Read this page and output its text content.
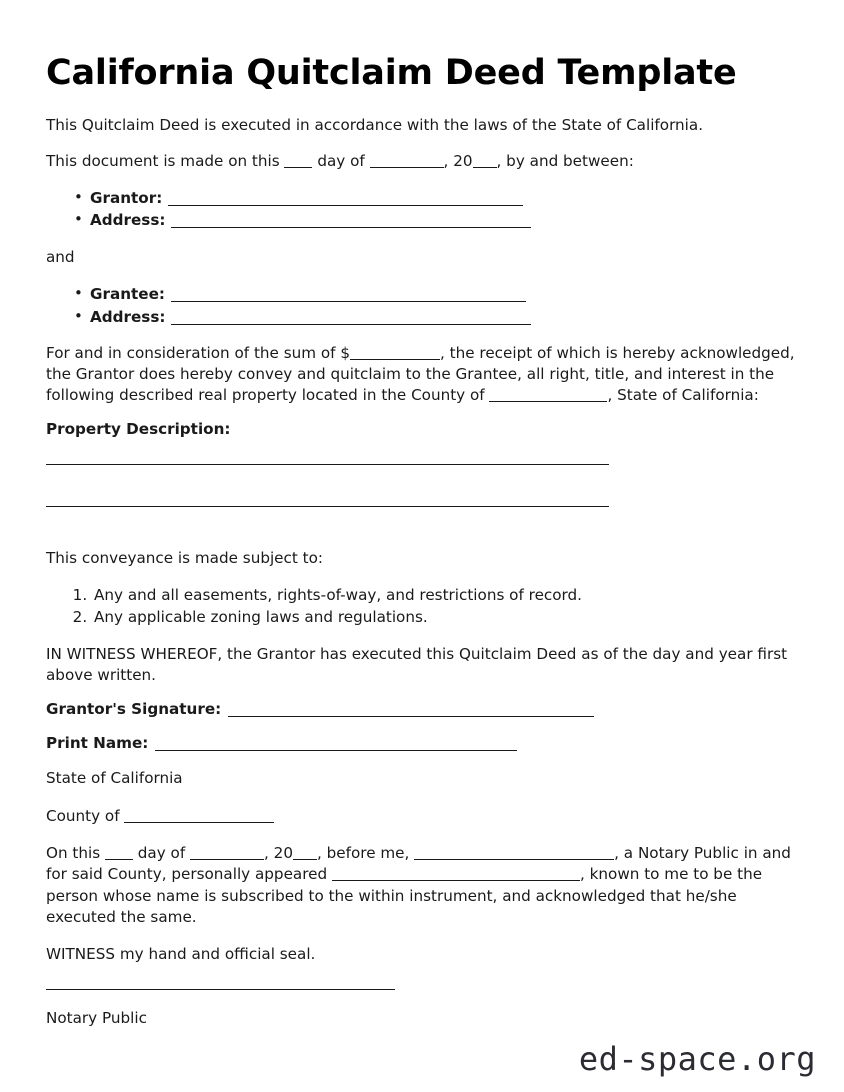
California Quitclaim Deed Template

This Quitclaim Deed is executed in accordance with the laws of the State of California.

This document is made on this day of	, 20 , by and between:

• Grantor:
• Address:

and

• Grantee:
• Address:

For and in consideration of the sum of $	, the receipt of which is hereby acknowledged, the Grantor does hereby convey and quitclaim to the Grantee, all right, title, and interest in the following described real property located in the County of	, State of California:

Property Description:

This conveyance is made subject to:

1. Any and all easements, rights-of-way, and restrictions of record.
2. Any applicable zoning laws and regulations.

IN WITNESS WHEREOF, the Grantor has executed this Quitclaim Deed as of the day and year first above written.

Grantor's Signature:

Print Name:

State of California

County of

On this day of	, 20 , before me,	, a Notary Public in and for said County, personally appeared	, known to me to be the person whose name is subscribed to the within instrument, and acknowledged that he/she executed the same.

WITNESS my hand and official seal.

Notary Public

ed-space.org
